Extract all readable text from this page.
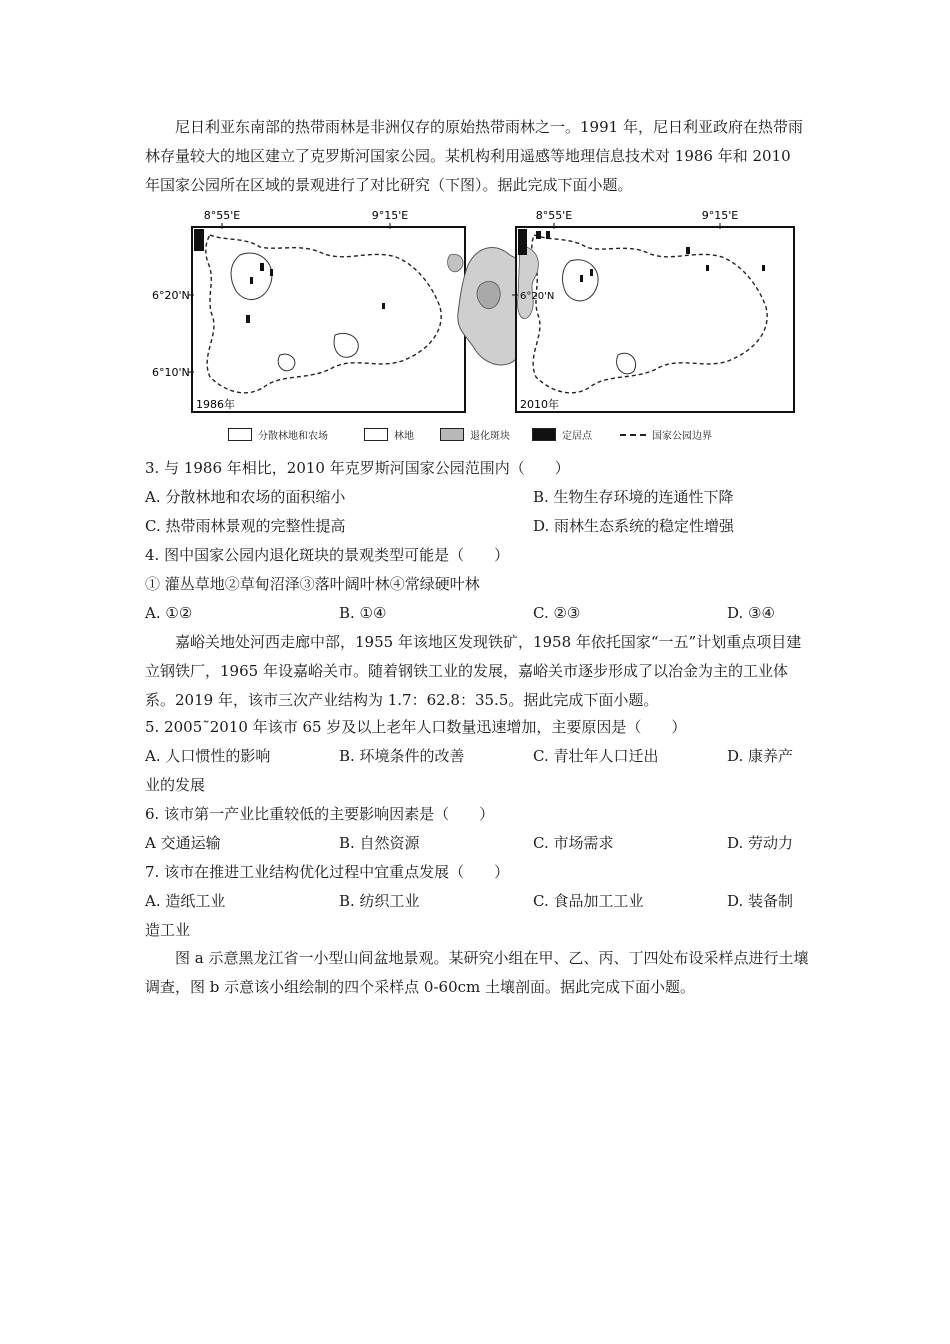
尼日利亚东南部的热带雨林是非洲仅存的原始热带雨林之一。1991 年，尼日利亚政府在热带雨林存量较大的地区建立了克罗斯河国家公园。某机构利用遥感等地理信息技术对 1986 年和 2010 年国家公园所在区域的景观进行了对比研究（下图）。据此完成下面小题。
8°55'E	9°15'E
6°20'N
6°10'N
1986年
8°55'E	9°15'E
6°20'N
2010年
分散林地和农场	林地	退化斑块	定居点	国家公园边界
3. 与 1986 年相比，2010 年克罗斯河国家公园范围内（　　）
A. 分散林地和农场的面积缩小	B. 生物生存环境的连通性下降
C. 热带雨林景观的完整性提高	D. 雨林生态系统的稳定性增强
4. 图中国家公园内退化斑块的景观类型可能是（　　）
① 灌丛草地②草甸沼泽③落叶阔叶林④常绿硬叶林
A. ①②	B. ①④	C. ②③	D. ③④
嘉峪关地处河西走廊中部，1955 年该地区发现铁矿，1958 年依托国家“一五”计划重点项目建立钢铁厂，1965 年设嘉峪关市。随着钢铁工业的发展，嘉峪关市逐步形成了以冶金为主的工业体系。2019 年，该市三次产业结构为 1.7：62.8：35.5。据此完成下面小题。
5. 2005˜2010 年该市 65 岁及以上老年人口数量迅速增加，主要原因是（　　）
A. 人口惯性的影响	B. 环境条件的改善	C. 青壮年人口迁出	D. 康养产
业的发展
6. 该市第一产业比重较低的主要影响因素是（　　）
A 交通运输	B. 自然资源	C. 市场需求	D. 劳动力
7. 该市在推进工业结构优化过程中宜重点发展（　　）
A. 造纸工业	B. 纺织工业	C. 食品加工工业	D. 装备制
造工业
图 a 示意黑龙江省一小型山间盆地景观。某研究小组在甲、乙、丙、丁四处布设采样点进行土壤调查，图 b 示意该小组绘制的四个采样点 0-60cm 土壤剖面。据此完成下面小题。
